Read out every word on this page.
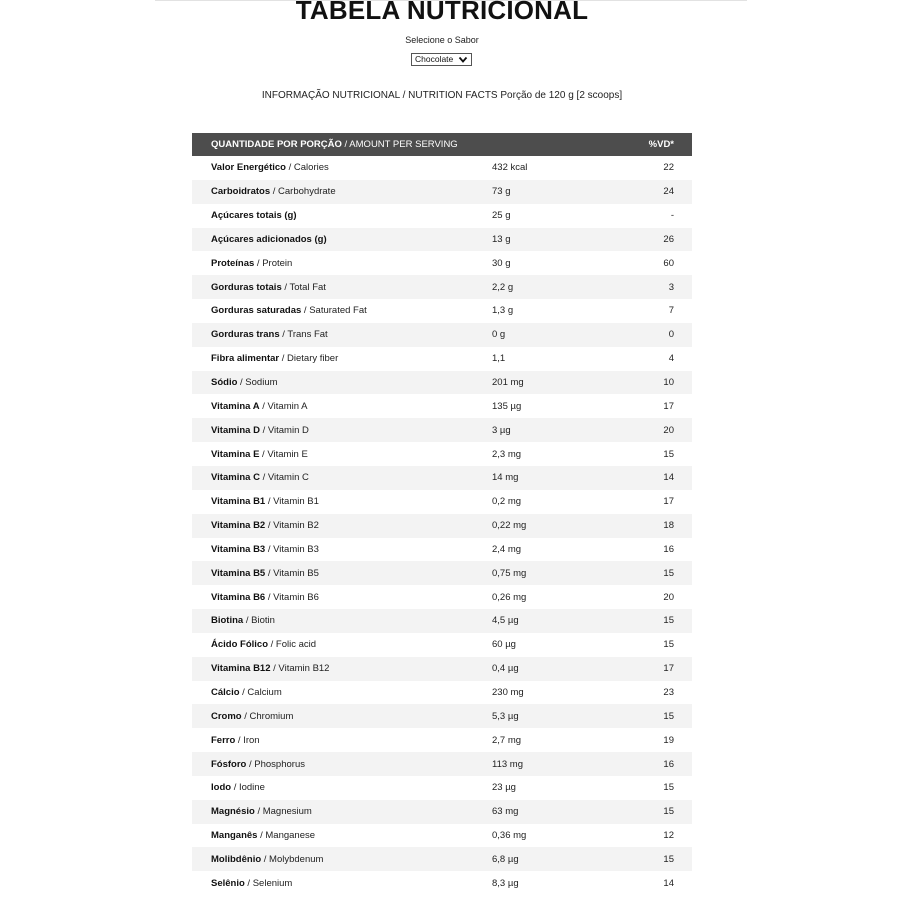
TABELA NUTRICIONAL
Selecione o Sabor
Chocolate
INFORMAÇÃO NUTRICIONAL / NUTRITION FACTS Porção de 120 g [2 scoops]
QUANTIDADE POR PORÇÃO / AMOUNT PER SERVING	%VD*
Valor Energético / Calories	432 kcal	22
Carboidratos / Carbohydrate	73 g	24
Açúcares totais (g)	25 g	-
Açúcares adicionados (g)	13 g	26
Proteínas / Protein	30 g	60
Gorduras totais / Total Fat	2,2 g	3
Gorduras saturadas / Saturated Fat	1,3 g	7
Gorduras trans / Trans Fat	0 g	0
Fibra alimentar / Dietary fiber	1,1	4
Sódio / Sodium	201 mg	10
Vitamina A / Vitamin A	135 µg	17
Vitamina D / Vitamin D	3 µg	20
Vitamina E / Vitamin E	2,3 mg	15
Vitamina C / Vitamin C	14 mg	14
Vitamina B1 / Vitamin B1	0,2 mg	17
Vitamina B2 / Vitamin B2	0,22 mg	18
Vitamina B3 / Vitamin B3	2,4 mg	16
Vitamina B5 / Vitamin B5	0,75 mg	15
Vitamina B6 / Vitamin B6	0,26 mg	20
Biotina / Biotin	4,5 µg	15
Ácido Fólico / Folic acid	60 µg	15
Vitamina B12 / Vitamin B12	0,4 µg	17
Cálcio / Calcium	230 mg	23
Cromo / Chromium	5,3 µg	15
Ferro / Iron	2,7 mg	19
Fósforo / Phosphorus	113 mg	16
Iodo / Iodine	23 µg	15
Magnésio / Magnesium	63 mg	15
Manganês / Manganese	0,36 mg	12
Molibdênio / Molybdenum	6,8 µg	15
Selênio / Selenium	8,3 µg	14
